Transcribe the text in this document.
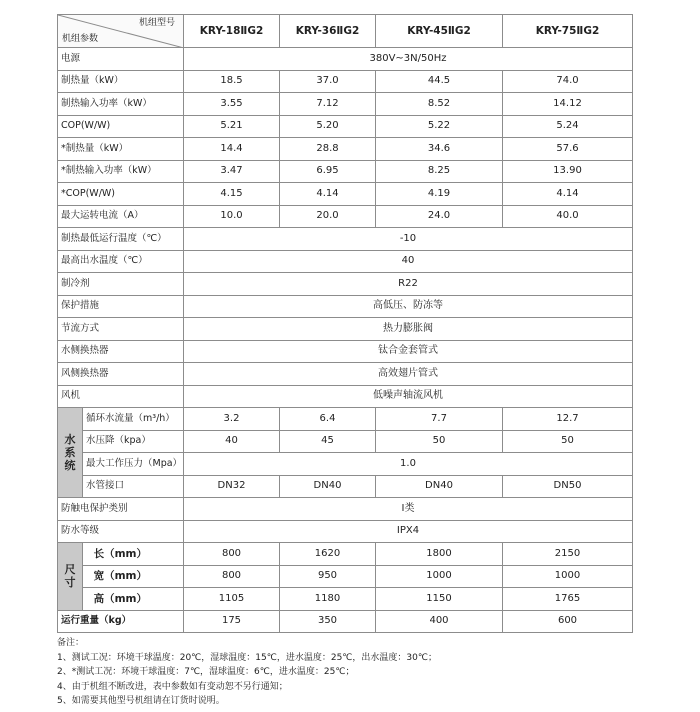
机组型号
机组参数		KRY-18ⅡG2	KRY-36ⅡG2	KRY-45ⅡG2	KRY-75ⅡG2
电源		380V~3N/50Hz			
制热量（kW）		18.5	37.0	44.5	74.0
制热输入功率（kW）		3.55	7.12	8.52	14.12
COP(W/W)		5.21	5.20	5.22	5.24
*制热量（kW）		14.4	28.8	34.6	57.6
*制热输入功率（kW）		3.47	6.95	8.25	13.90
*COP(W/W)		4.15	4.14	4.19	4.14
最大运转电流（A）		10.0	20.0	24.0	40.0
制热最低运行温度（℃）		-10			
最高出水温度（℃）		40			
制冷剂		R22			
保护措施		高低压、防冻等			
节流方式		热力膨胀阀			
水侧换热器		钛合金套管式			
风侧换热器		高效翅片管式			
风机		低噪声轴流风机			

水系统	循环水流量（m³/h）	3.2	6.4	7.7	12.7
	水压降（kpa）	40	45	50	50
	最大工作压力（Mpa）	1.0			
	水管接口	DN32	DN40	DN40	DN50
防触电保护类别		Ⅰ类			
防水等级		IPX4			

尺寸	长（mm）	800	1620	1800	2150
	宽（mm）	800	950	1000	1000
	高（mm）	1105	1180	1150	1765
运行重量（kg）		175	350	400	600
备注：
1、测试工况：环境干球温度：20℃，湿球温度：15℃，进水温度：25℃，出水温度：30℃；
2、*测试工况：环境干球温度：7℃，湿球温度：6℃，进水温度：25℃；
4、由于机组不断改进，表中参数如有变动恕不另行通知；
5、如需要其他型号机组请在订货时说明。
